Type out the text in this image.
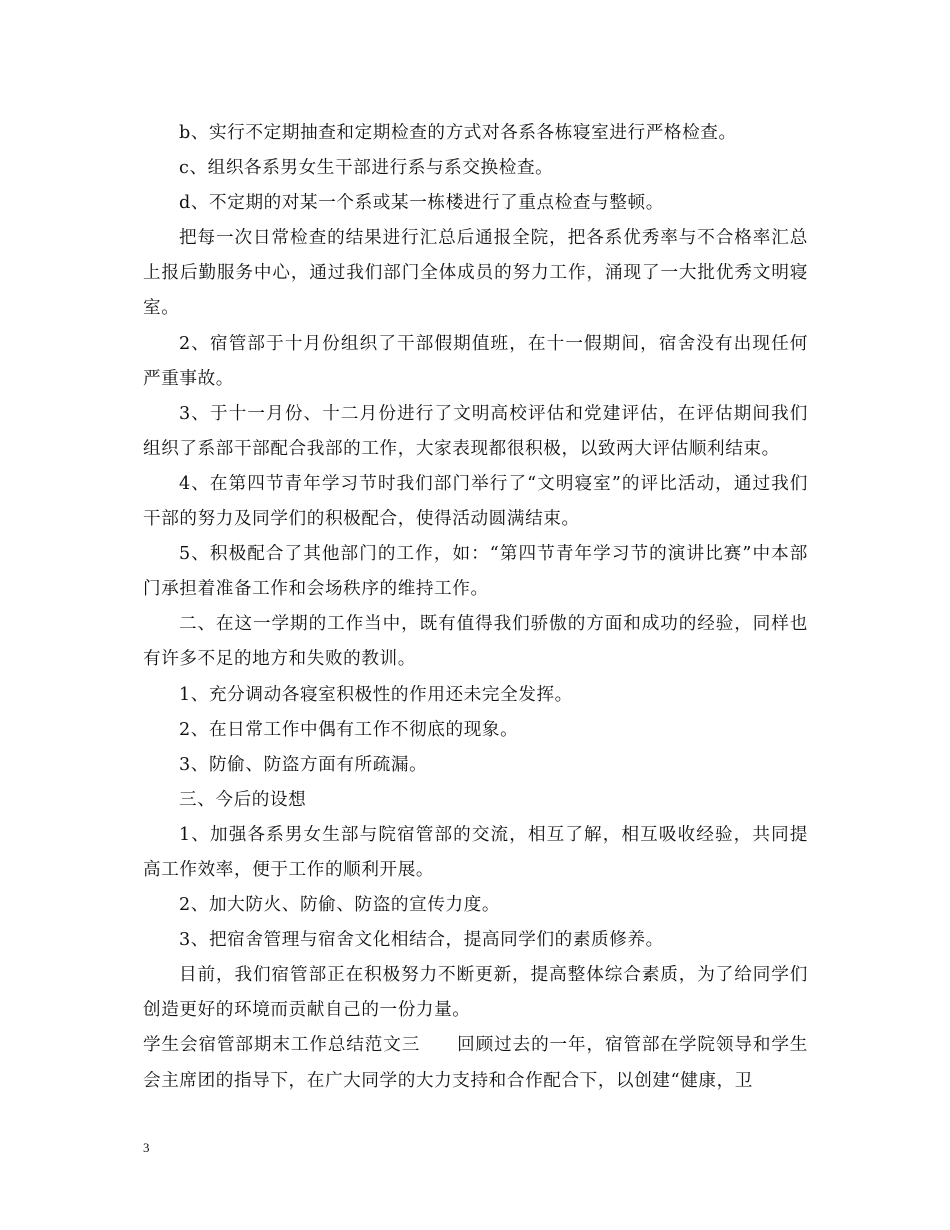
b、实行不定期抽查和定期检查的方式对各系各栋寝室进行严格检查。

c、组织各系男女生干部进行系与系交换检查。

d、不定期的对某一个系或某一栋楼进行了重点检查与整顿。

把每一次日常检查的结果进行汇总后通报全院，把各系优秀率与不合格率汇总上报后勤服务中心，通过我们部门全体成员的努力工作，涌现了一大批优秀文明寝室。

2、宿管部于十月份组织了干部假期值班，在十一假期间，宿舍没有出现任何严重事故。

3、于十一月份、十二月份进行了文明高校评估和党建评估，在评估期间我们组织了系部干部配合我部的工作，大家表现都很积极，以致两大评估顺利结束。

4、在第四节青年学习节时我们部门举行了“文明寝室”的评比活动，通过我们干部的努力及同学们的积极配合，使得活动圆满结束。

5、积极配合了其他部门的工作，如：“第四节青年学习节的演讲比赛”中本部门承担着准备工作和会场秩序的维持工作。

二、在这一学期的工作当中，既有值得我们骄傲的方面和成功的经验，同样也有许多不足的地方和失败的教训。

1、充分调动各寝室积极性的作用还未完全发挥。

2、在日常工作中偶有工作不彻底的现象。

3、防偷、防盗方面有所疏漏。

三、今后的设想

1、加强各系男女生部与院宿管部的交流，相互了解，相互吸收经验，共同提高工作效率，便于工作的顺利开展。

2、加大防火、防偷、防盗的宣传力度。

3、把宿舍管理与宿舍文化相结合，提高同学们的素质修养。

目前，我们宿管部正在积极努力不断更新，提高整体综合素质，为了给同学们创造更好的环境而贡献自己的一份力量。

学生会宿管部期末工作总结范文三　　回顾过去的一年，宿管部在学院领导和学生会主席团的指导下，在广大同学的大力支持和合作配合下，以创建“健康，卫

3
